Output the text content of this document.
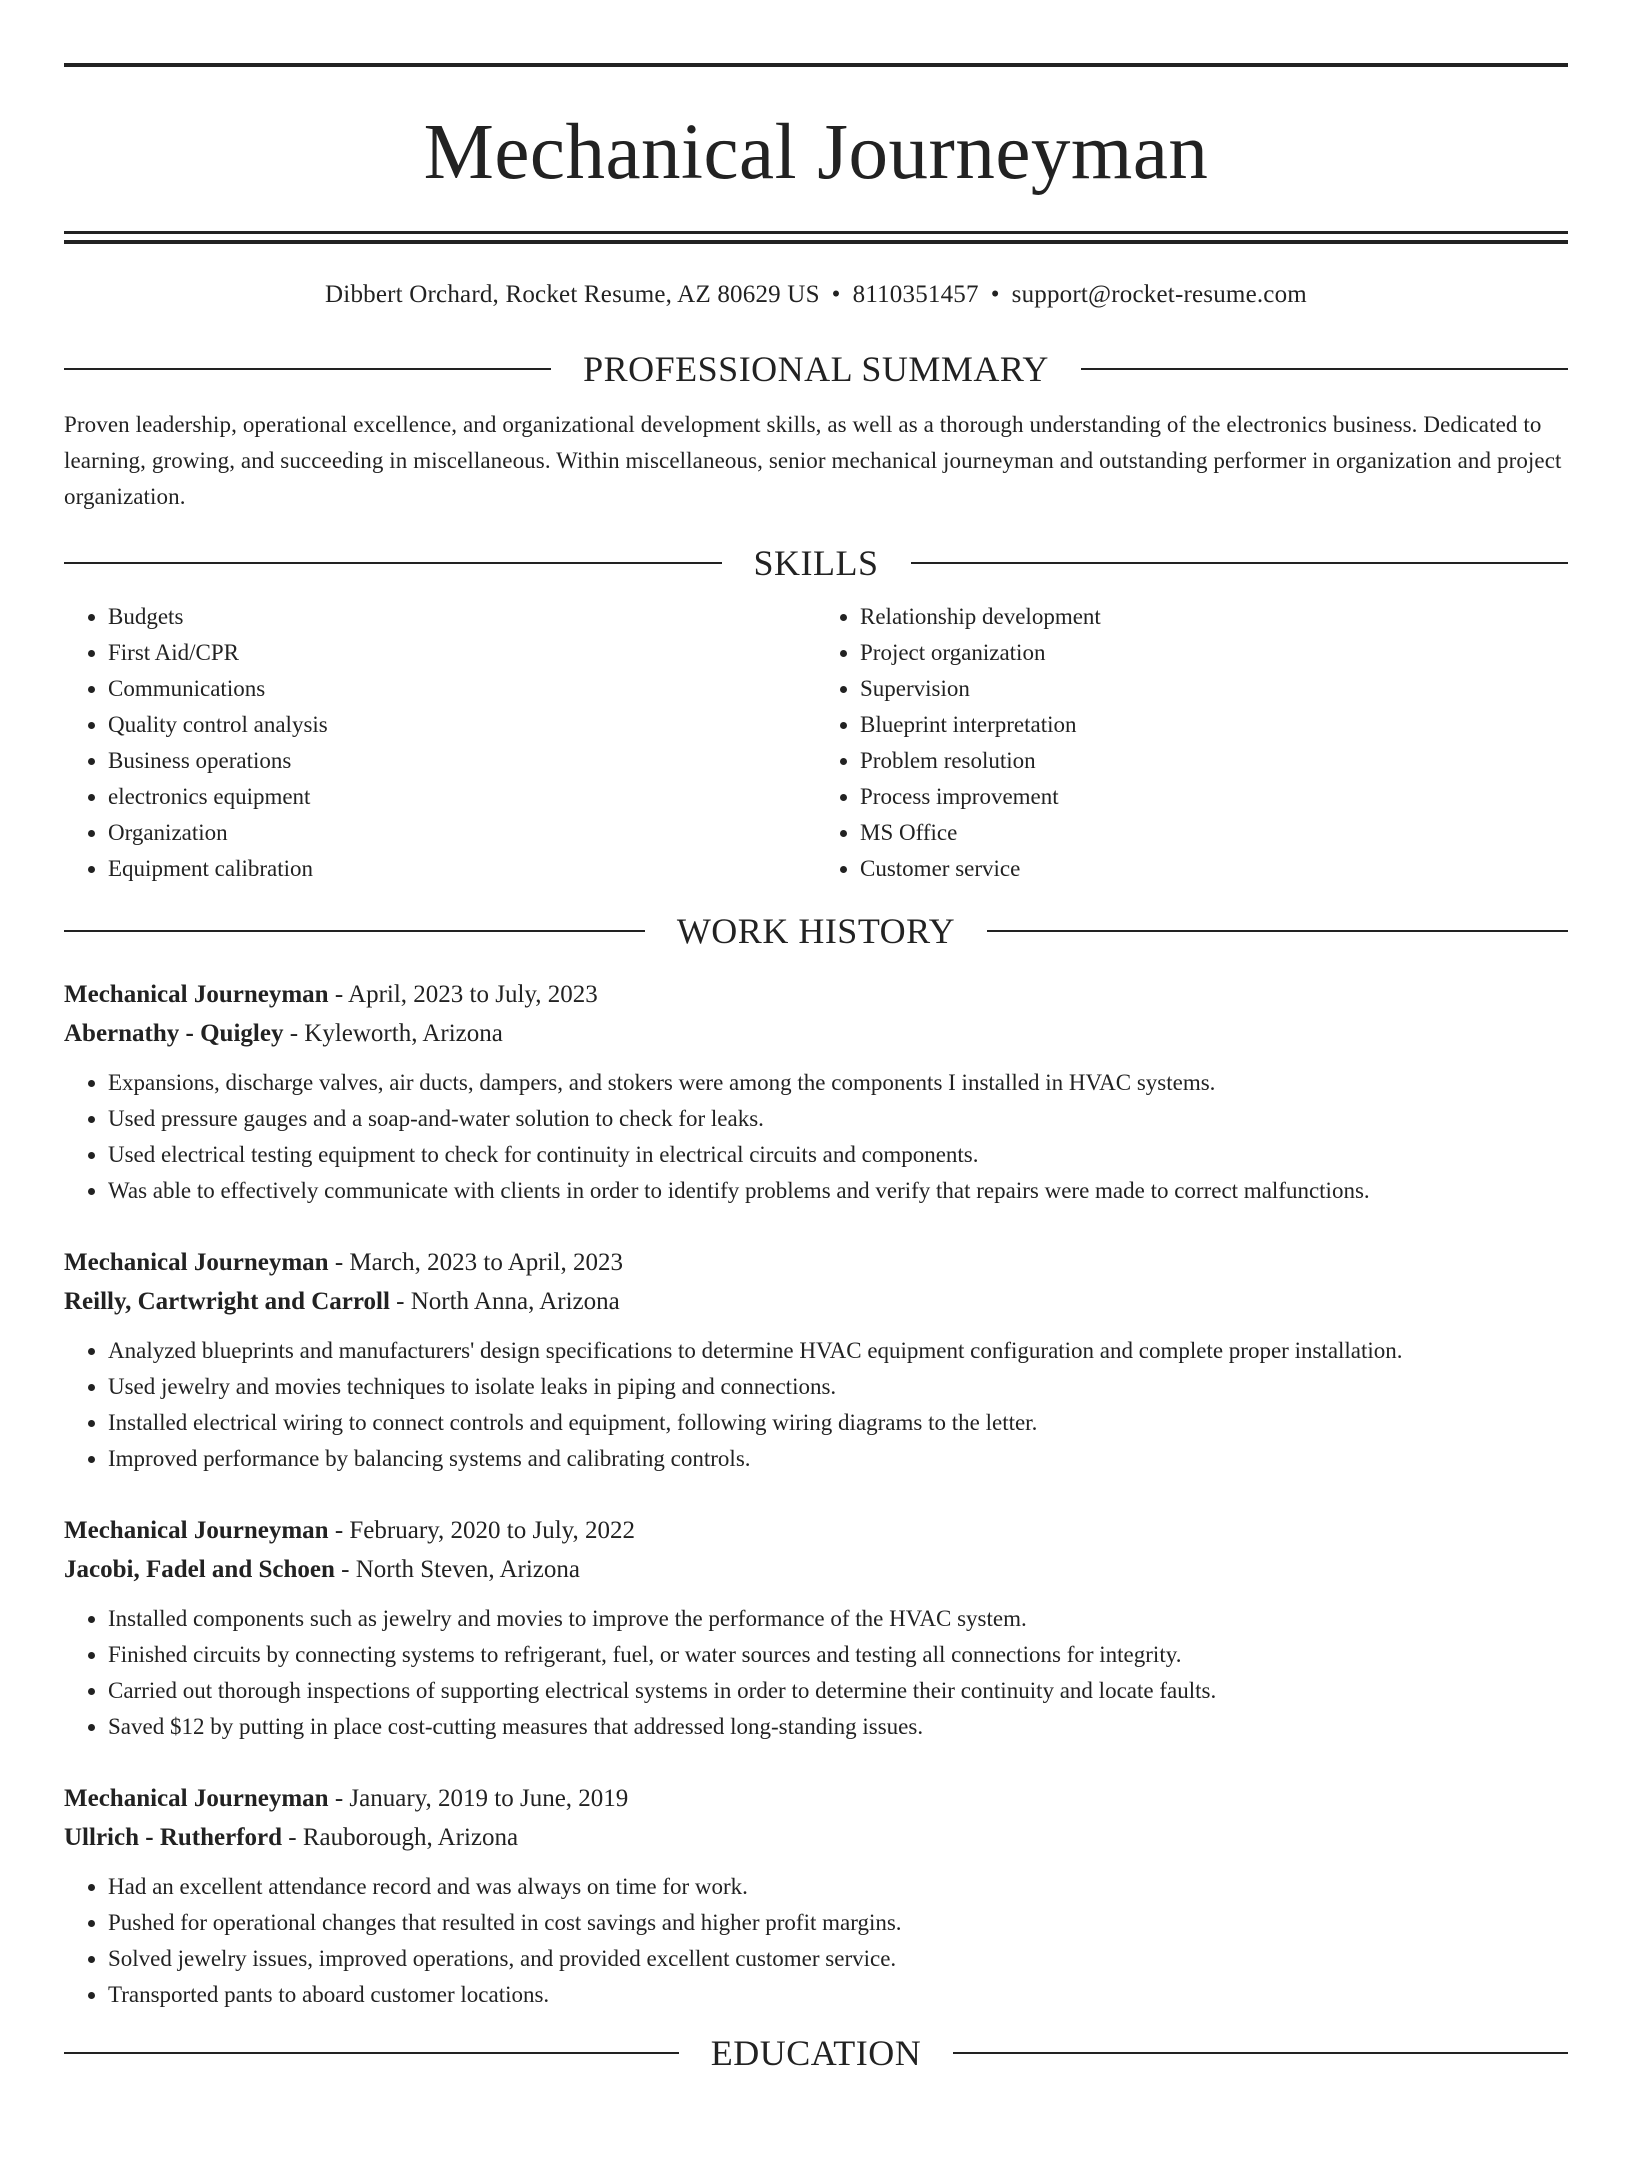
Mechanical Journeyman
Dibbert Orchard, Rocket Resume, AZ 80629 US • 8110351457 • support@rocket-resume.com
PROFESSIONAL SUMMARY
Proven leadership, operational excellence, and organizational development skills, as well as a thorough understanding of the electronics business. Dedicated to learning, growing, and succeeding in miscellaneous. Within miscellaneous, senior mechanical journeyman and outstanding performer in organization and project organization.
SKILLS
• Budgets
• First Aid/CPR
• Communications
• Quality control analysis
• Business operations
• electronics equipment
• Organization
• Equipment calibration
• Relationship development
• Project organization
• Supervision
• Blueprint interpretation
• Problem resolution
• Process improvement
• MS Office
• Customer service
WORK HISTORY
Mechanical Journeyman - April, 2023 to July, 2023
Abernathy - Quigley - Kyleworth, Arizona
• Expansions, discharge valves, air ducts, dampers, and stokers were among the components I installed in HVAC systems.
• Used pressure gauges and a soap-and-water solution to check for leaks.
• Used electrical testing equipment to check for continuity in electrical circuits and components.
• Was able to effectively communicate with clients in order to identify problems and verify that repairs were made to correct malfunctions.
Mechanical Journeyman - March, 2023 to April, 2023
Reilly, Cartwright and Carroll - North Anna, Arizona
• Analyzed blueprints and manufacturers' design specifications to determine HVAC equipment configuration and complete proper installation.
• Used jewelry and movies techniques to isolate leaks in piping and connections.
• Installed electrical wiring to connect controls and equipment, following wiring diagrams to the letter.
• Improved performance by balancing systems and calibrating controls.
Mechanical Journeyman - February, 2020 to July, 2022
Jacobi, Fadel and Schoen - North Steven, Arizona
• Installed components such as jewelry and movies to improve the performance of the HVAC system.
• Finished circuits by connecting systems to refrigerant, fuel, or water sources and testing all connections for integrity.
• Carried out thorough inspections of supporting electrical systems in order to determine their continuity and locate faults.
• Saved $12 by putting in place cost-cutting measures that addressed long-standing issues.
Mechanical Journeyman - January, 2019 to June, 2019
Ullrich - Rutherford - Rauborough, Arizona
• Had an excellent attendance record and was always on time for work.
• Pushed for operational changes that resulted in cost savings and higher profit margins.
• Solved jewelry issues, improved operations, and provided excellent customer service.
• Transported pants to aboard customer locations.
EDUCATION
